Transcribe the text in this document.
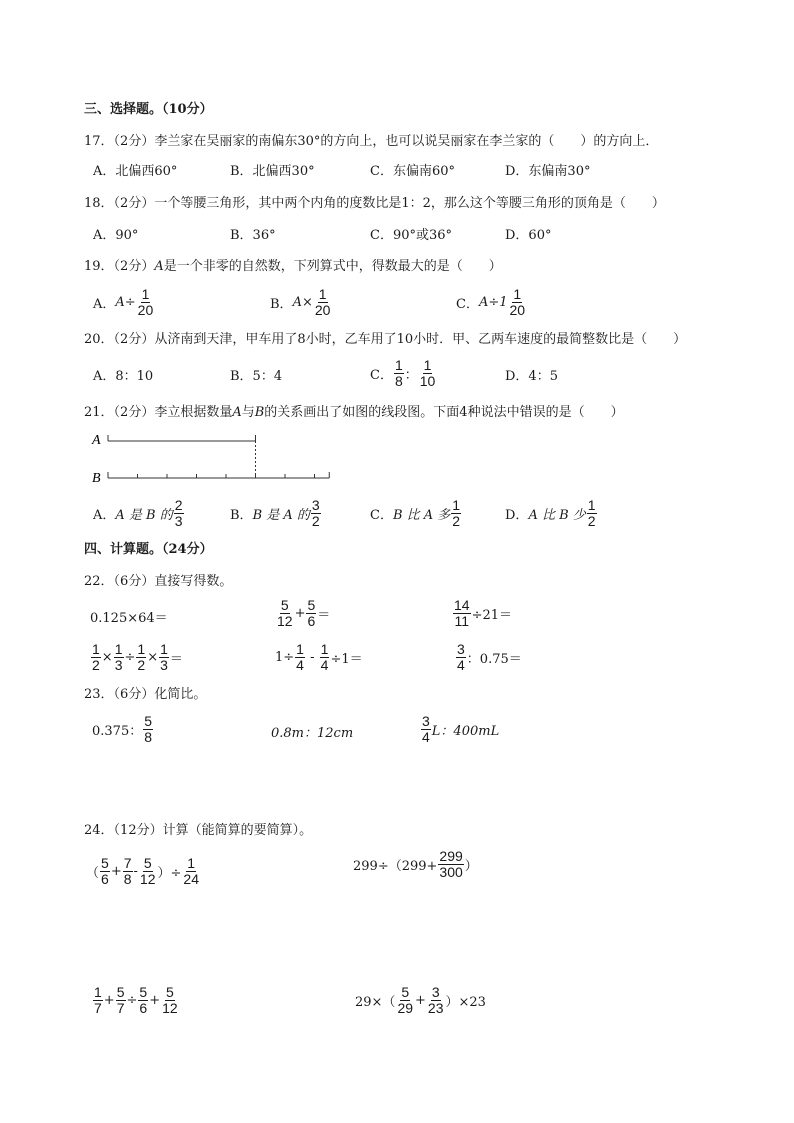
三、选择题。（10分）
17．（2分）李兰家在吴丽家的南偏东30°的方向上，也可以说吴丽家在李兰家的（　　）的方向上．
A．北偏西60°	B．北偏西30°	C．东偏南60°	D．东偏南30°
18．（2分）一个等腰三角形，其中两个内角的度数比是1：2，那么这个等腰三角形的顶角是（　　）
A．90°	B．36°	C．90°或36°	D．60°
19．（2分）A是一个非零的自然数，下列算式中，得数最大的是（　　）
A． $A\div \frac{1}{20}$	B． $A\times \frac{1}{20}$	C． $A\div 1 \frac{1}{20}$
20．（2分）从济南到天津，甲车用了8小时，乙车用了10小时．甲、乙两车速度的最简整数比是（　　）
A．8：10	B．5：4	C． $\frac{1}{8}$ ： $\frac{1}{10}$	D．4：5
21．（2分）李立根据数量A与B的关系画出了如图的线段图。下面4种说法中错误的是（　　）
A
B
A． A 是 B 的 $\frac{2}{3}$	B． B 是 A 的 $\frac{3}{2}$	C． B 比 A 多 $\frac{1}{2}$	D． A 比 B 少 $\frac{1}{2}$
四、计算题。（24分）
22．（6分）直接写得数。
0.125×64＝	$\frac{5}{12} + \frac{5}{6}$ ＝	$\frac{14}{11} \div 21=$
$\frac{1}{2} \times \frac{1}{3} \div \frac{1}{2} \times \frac{1}{3}$ ＝	$1\div \frac{1}{4} - \frac{1}{4} \div 1=$	$\frac{3}{4}$ ：0.75＝
23．（6分）化简比。
0.375： $\frac{5}{8}$	0.8m：12cm	$\frac{3}{4}$ L：400mL
24．（12分）计算（能简算的要简算）。
（ $\frac{5}{6} + \frac{7}{8} - \frac{5}{12}$ ）÷ $\frac{1}{24}$	$299\div(299+ \frac{299}{300}$ ）
$\frac{1}{7} + \frac{5}{7} \div \frac{5}{6} + \frac{5}{12}$	$29\times( \frac{5}{29} + \frac{3}{23} )\times 23$
